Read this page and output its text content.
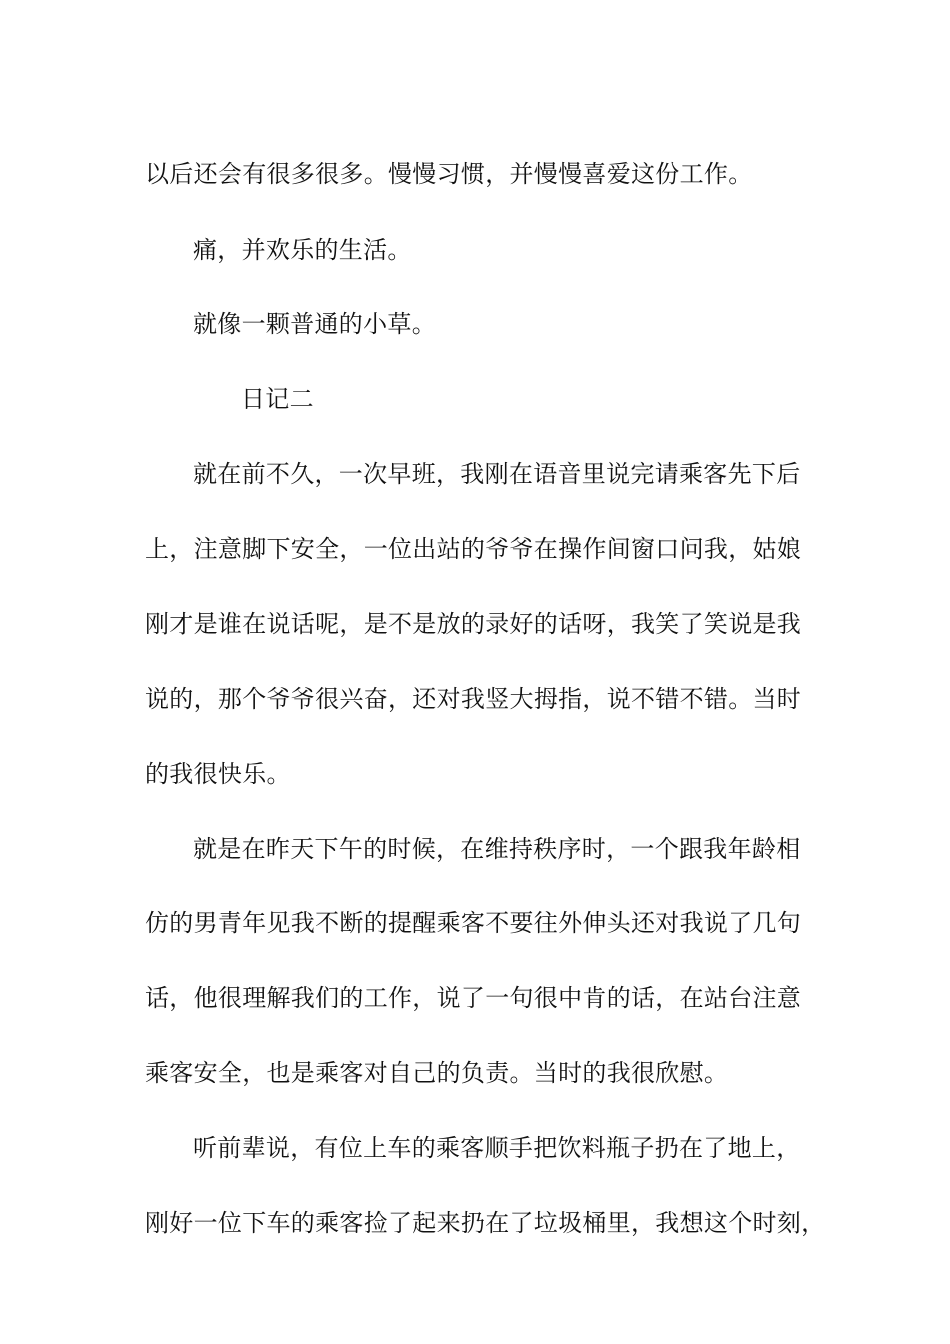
以后还会有很多很多。慢慢习惯，并慢慢喜爱这份工作。

痛，并欢乐的生活。

就像一颗普通的小草。

日记二

就在前不久，一次早班，我刚在语音里说完请乘客先下后

上，注意脚下安全，一位出站的爷爷在操作间窗口问我，姑娘

刚才是谁在说话呢，是不是放的录好的话呀，我笑了笑说是我

说的，那个爷爷很兴奋，还对我竖大拇指，说不错不错。当时

的我很快乐。

就是在昨天下午的时候，在维持秩序时，一个跟我年龄相

仿的男青年见我不断的提醒乘客不要往外伸头还对我说了几句

话，他很理解我们的工作，说了一句很中肯的话，在站台注意

乘客安全，也是乘客对自己的负责。当时的我很欣慰。

听前辈说，有位上车的乘客顺手把饮料瓶子扔在了地上，

刚好一位下车的乘客捡了起来扔在了垃圾桶里，我想这个时刻，
